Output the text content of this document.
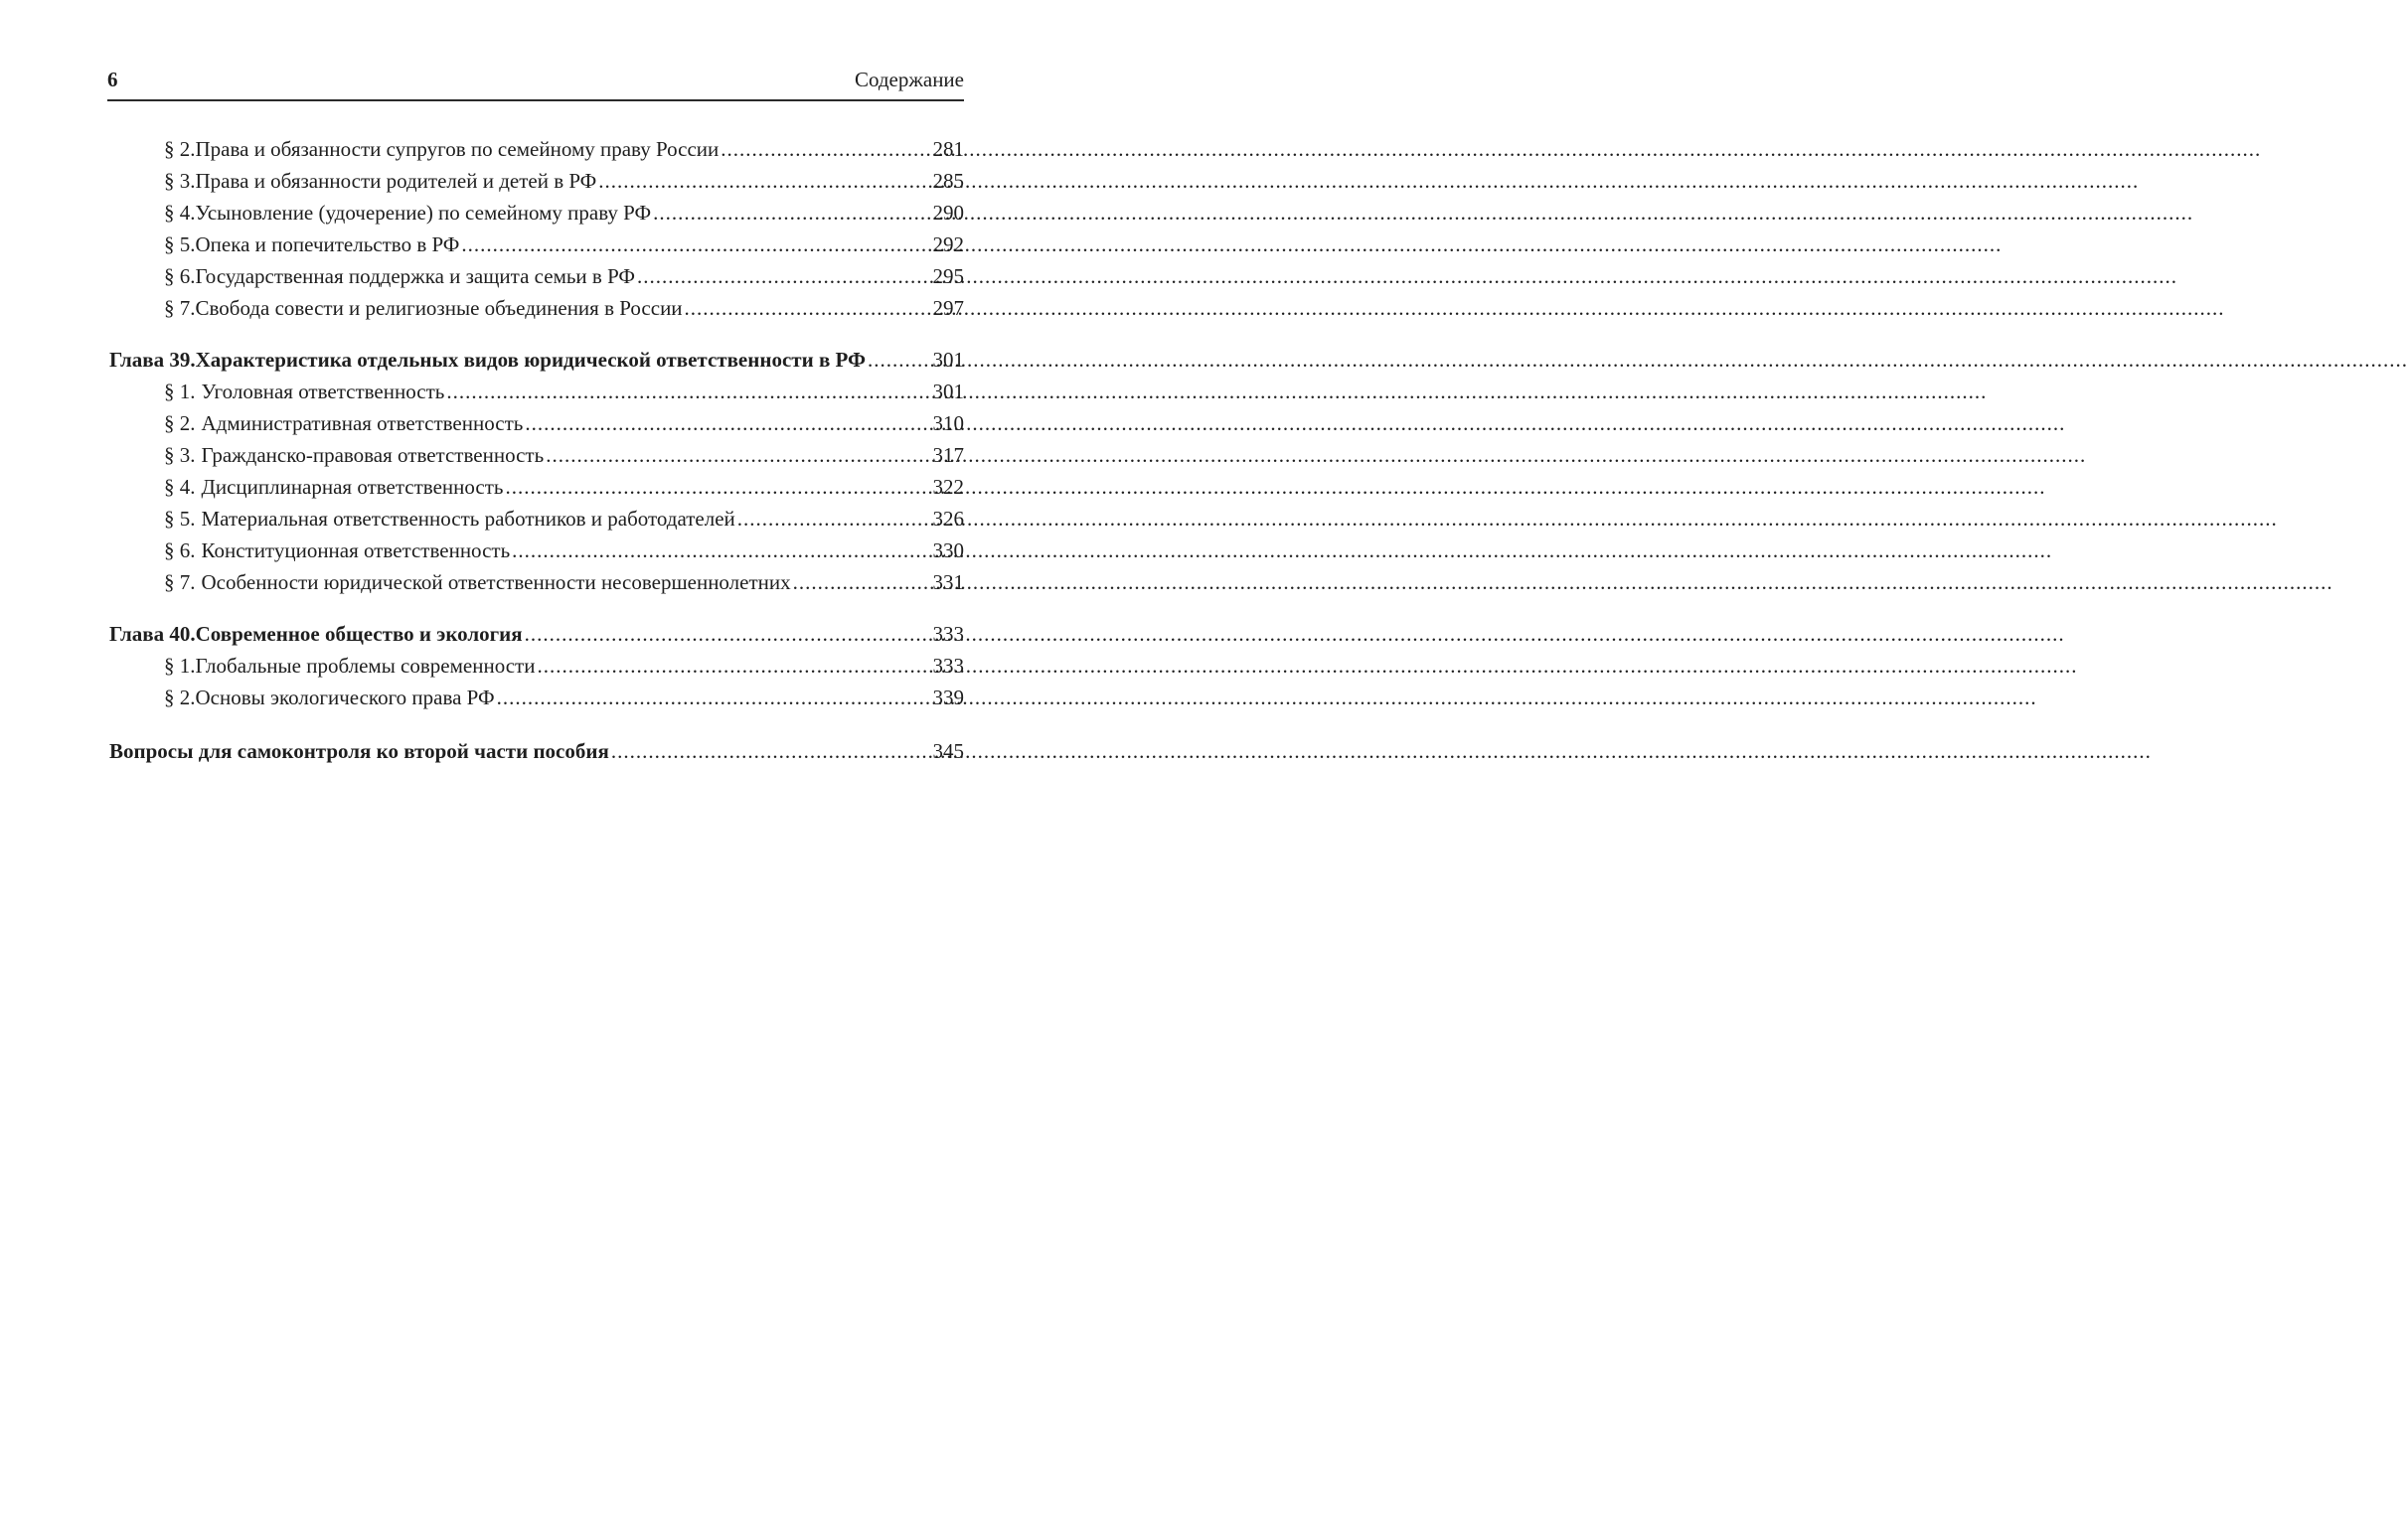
6	Содержание
§ 2. Права и обязанности супругов по семейному праву России .....	281
§ 3. Права и обязанности родителей и детей в РФ .....	285
§ 4. Усыновление (удочерение) по семейному праву РФ .....	290
§ 5. Опека и попечительство в РФ .....	292
§ 6. Государственная поддержка и защита семьи в РФ .....	295
§ 7. Свобода совести и религиозные объединения в России .....	297
Глава 39. Характеристика отдельных видов юридической ответственности в РФ .....	301
§ 1. Уголовная ответственность .....	301
§ 2. Административная ответственность .....	310
§ 3. Гражданско-правовая ответственность .....	317
§ 4. Дисциплинарная ответственность .....	322
§ 5. Материальная ответственность работников и работодателей .....	326
§ 6. Конституционная ответственность .....	330
§ 7. Особенности юридической ответственности несовершеннолетних .....	331
Глава 40. Современное общество и экология .....	333
§ 1. Глобальные проблемы современности .....	333
§ 2. Основы экологического права РФ .....	339
Вопросы для самоконтроля ко второй части пособия .....	345
